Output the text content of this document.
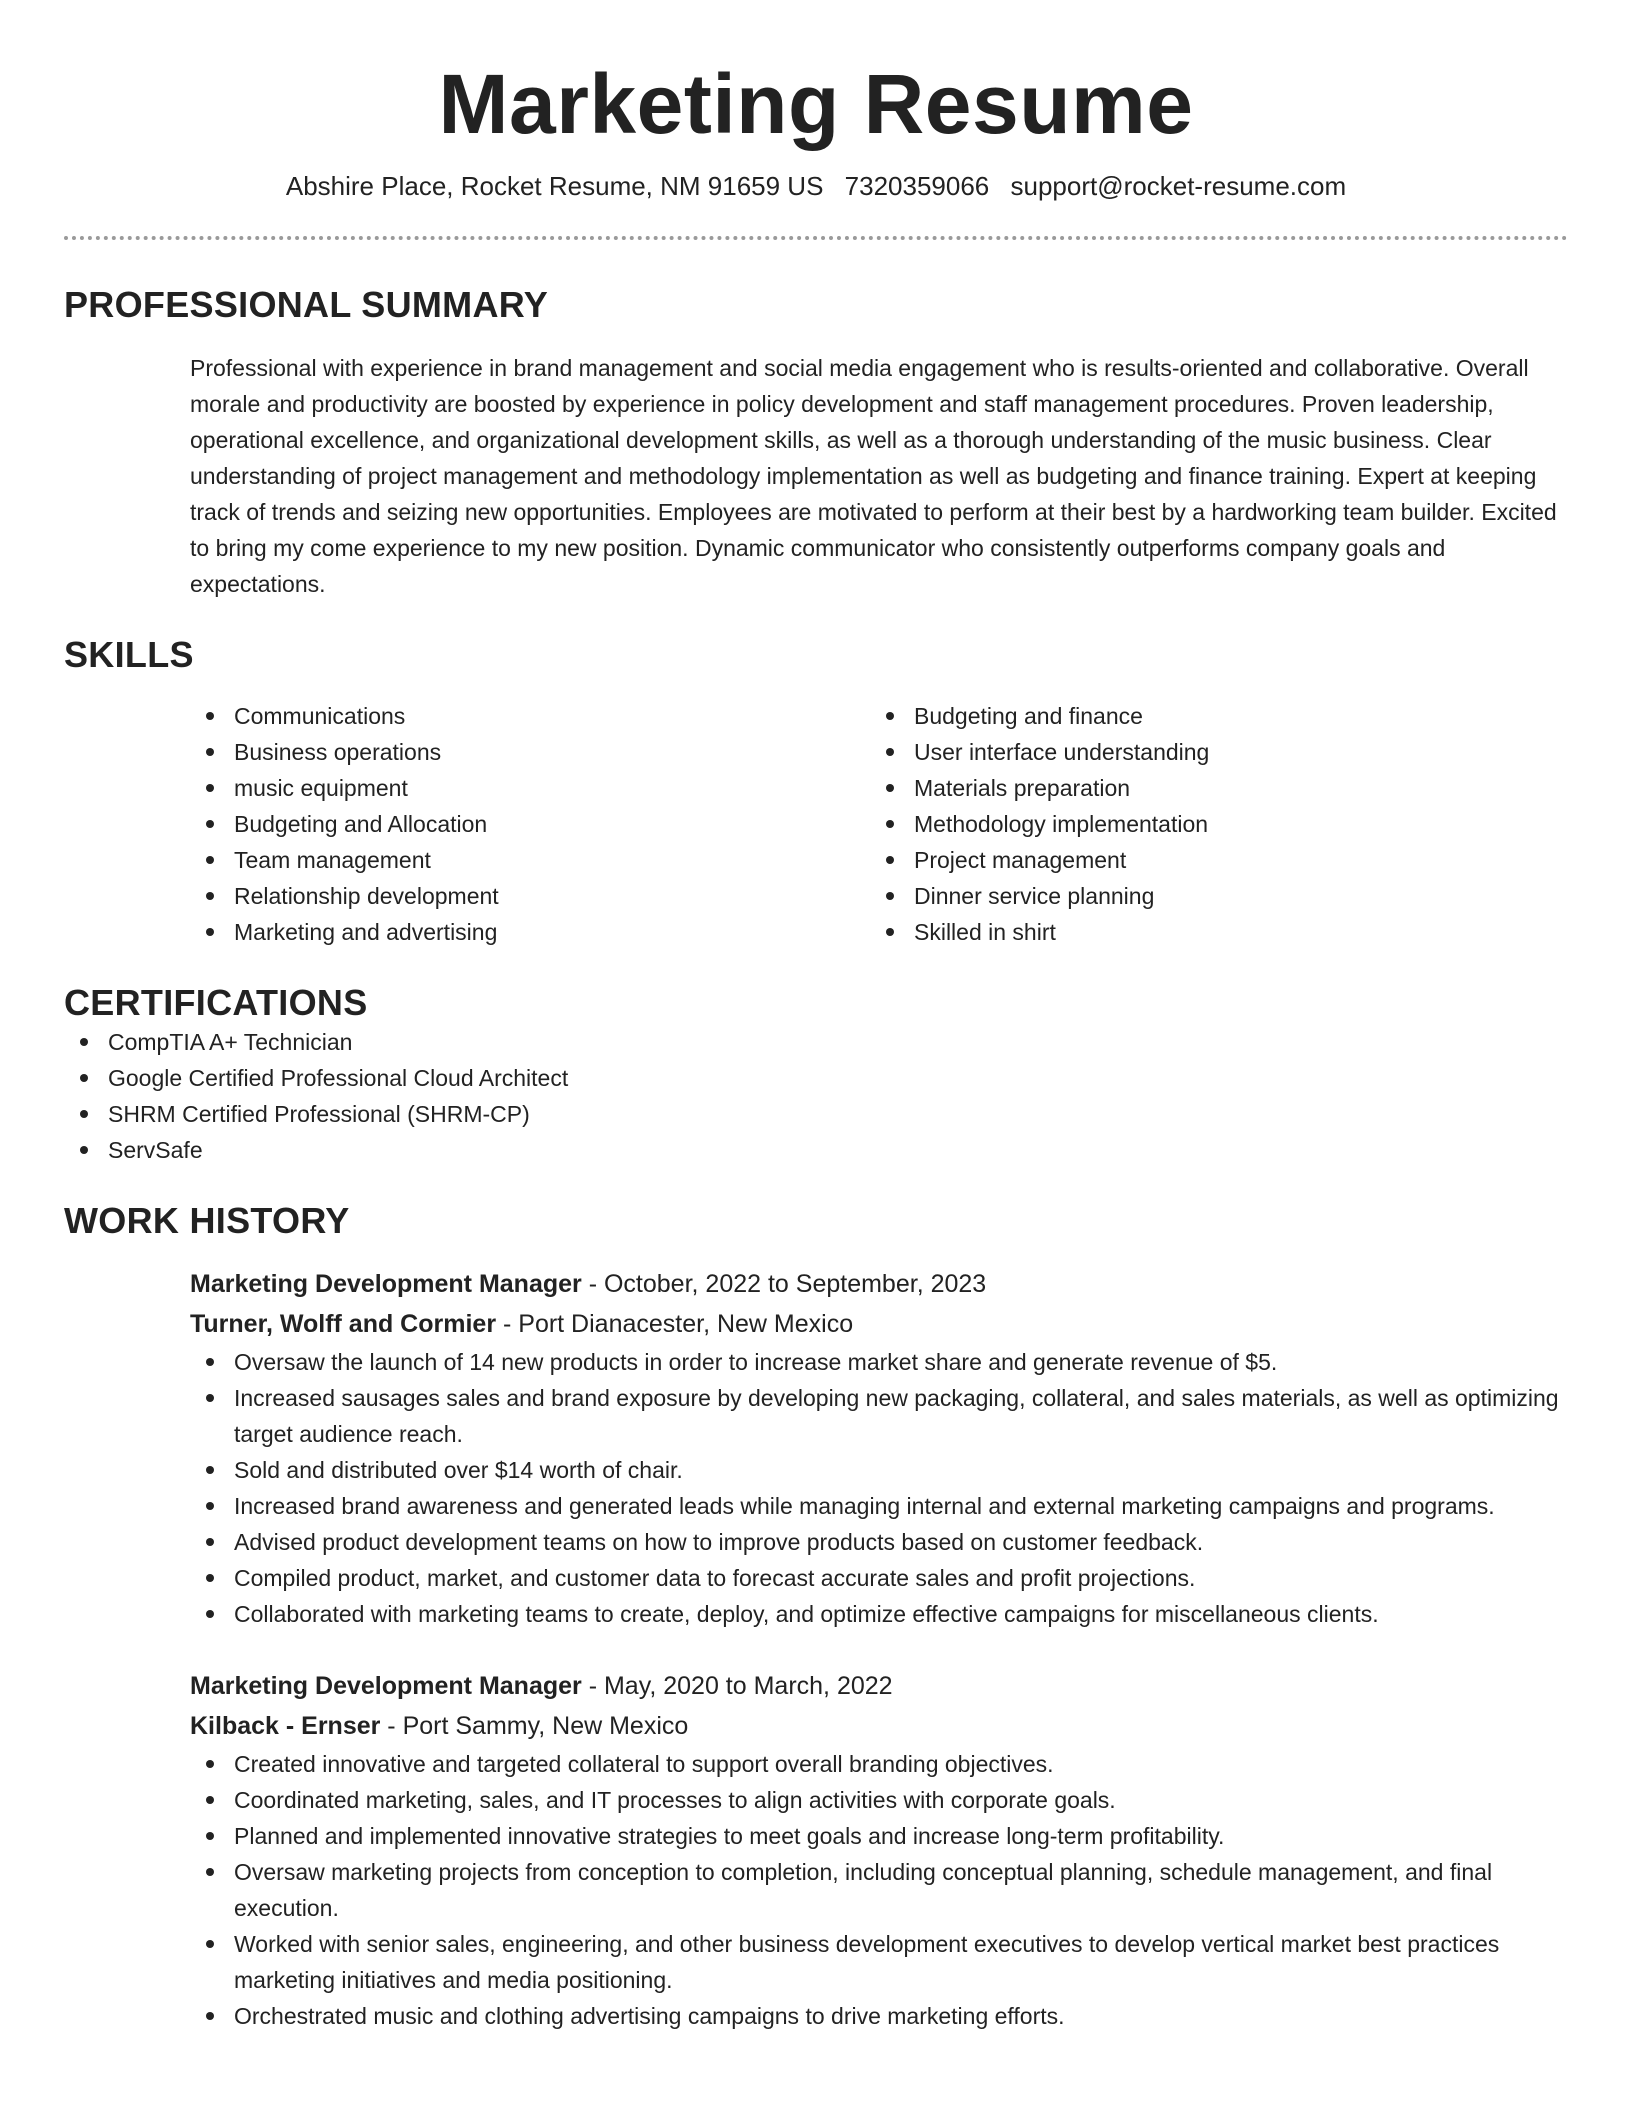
Marketing Resume
Abshire Place, Rocket Resume, NM 91659 US 7320359066 support@rocket-resume.com
PROFESSIONAL SUMMARY

Professional with experience in brand management and social media engagement who is results-oriented and collaborative. Overall morale and productivity are boosted by experience in policy development and staff management procedures. Proven leadership, operational excellence, and organizational development skills, as well as a thorough understanding of the music business. Clear understanding of project management and methodology implementation as well as budgeting and finance training. Expert at keeping track of trends and seizing new opportunities. Employees are motivated to perform at their best by a hardworking team builder. Excited to bring my come experience to my new position. Dynamic communicator who consistently outperforms company goals and expectations.

SKILLS
Communications
Business operations
music equipment
Budgeting and Allocation
Team management
Relationship development
Marketing and advertising
Budgeting and finance
User interface understanding
Materials preparation
Methodology implementation
Project management
Dinner service planning
Skilled in shirt
CERTIFICATIONS
CompTIA A+ Technician
Google Certified Professional Cloud Architect
SHRM Certified Professional (SHRM-CP)
ServSafe
WORK HISTORY
Marketing Development Manager - October, 2022 to September, 2023
Turner, Wolff and Cormier - Port Dianacester, New Mexico
Oversaw the launch of 14 new products in order to increase market share and generate revenue of $5.
Increased sausages sales and brand exposure by developing new packaging, collateral, and sales materials, as well as optimizing target audience reach.
Sold and distributed over $14 worth of chair.
Increased brand awareness and generated leads while managing internal and external marketing campaigns and programs.
Advised product development teams on how to improve products based on customer feedback.
Compiled product, market, and customer data to forecast accurate sales and profit projections.
Collaborated with marketing teams to create, deploy, and optimize effective campaigns for miscellaneous clients.
Marketing Development Manager - May, 2020 to March, 2022
Kilback - Ernser - Port Sammy, New Mexico
Created innovative and targeted collateral to support overall branding objectives.
Coordinated marketing, sales, and IT processes to align activities with corporate goals.
Planned and implemented innovative strategies to meet goals and increase long-term profitability.
Oversaw marketing projects from conception to completion, including conceptual planning, schedule management, and final execution.
Worked with senior sales, engineering, and other business development executives to develop vertical market best practices marketing initiatives and media positioning.
Orchestrated music and clothing advertising campaigns to drive marketing efforts.
